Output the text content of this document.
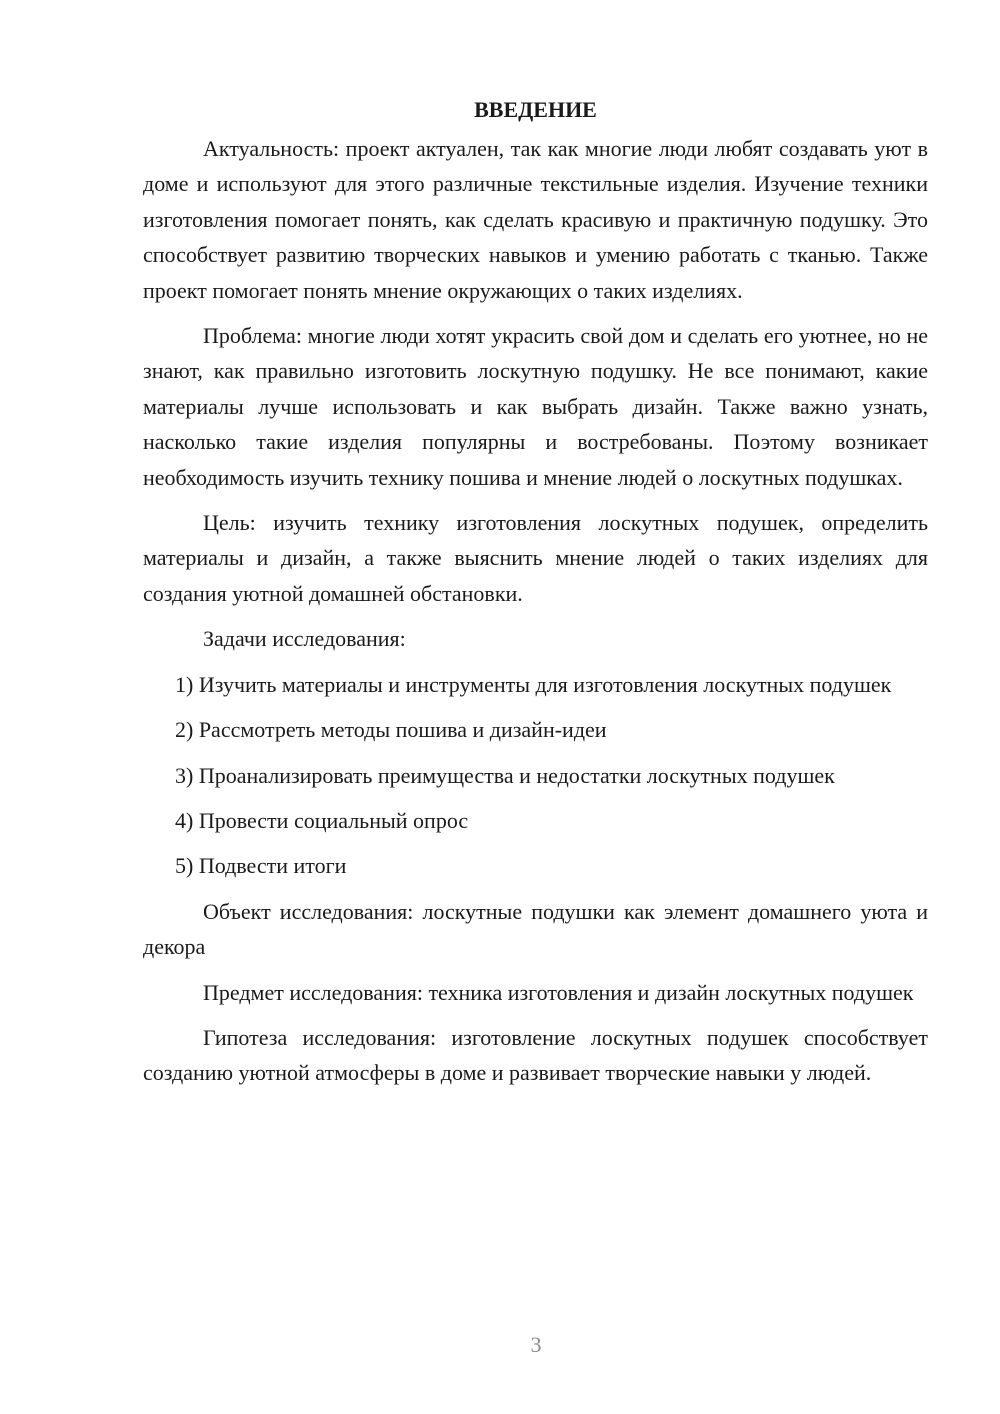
ВВЕДЕНИЕ

Актуальность: проект актуален, так как многие люди любят создавать уют в доме и используют для этого различные текстильные изделия. Изучение техники изготовления помогает понять, как сделать красивую и практичную подушку. Это способствует развитию творческих навыков и умению работать с тканью. Также проект помогает понять мнение окружающих о таких изделиях.

Проблема: многие люди хотят украсить свой дом и сделать его уютнее, но не знают, как правильно изготовить лоскутную подушку. Не все понимают, какие материалы лучше использовать и как выбрать дизайн. Также важно узнать, насколько такие изделия популярны и востребованы. Поэтому возникает необходимость изучить технику пошива и мнение людей о лоскутных подушках.

Цель: изучить технику изготовления лоскутных подушек, определить материалы и дизайн, а также выяснить мнение людей о таких изделиях для создания уютной домашней обстановки.

Задачи исследования:

1) Изучить материалы и инструменты для изготовления лоскутных подушек

2) Рассмотреть методы пошива и дизайн-идеи

3) Проанализировать преимущества и недостатки лоскутных подушек

4) Провести социальный опрос

5) Подвести итоги

Объект исследования: лоскутные подушки как элемент домашнего уюта и декора

Предмет исследования: техника изготовления и дизайн лоскутных подушек

Гипотеза исследования: изготовление лоскутных подушек способствует созданию уютной атмосферы в доме и развивает творческие навыки у людей.

3
